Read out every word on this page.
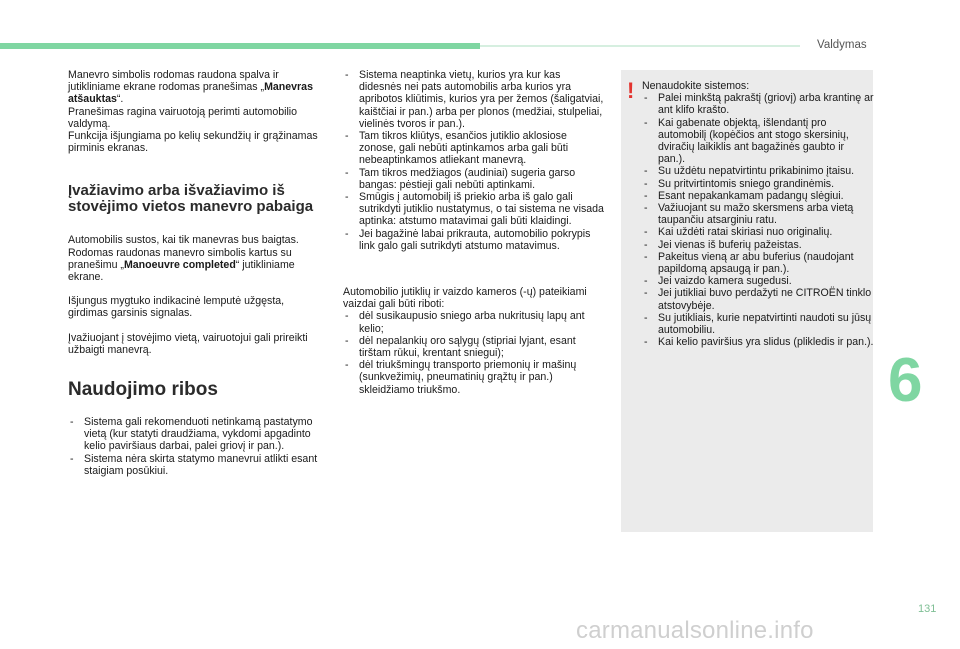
Valdymas

Manevro simbolis rodomas raudona spalva ir jutikliniame ekrane rodomas pranešimas „Manevras atšauktas“.

Pranešimas ragina vairuotoją perimti automobilio valdymą.

Funkcija išjungiama po kelių sekundžių ir grąžinamas pirminis ekranas.

Įvažiavimo arba išvažiavimo iš stovėjimo vietos manevro pabaiga

Automobilis sustos, kai tik manevras bus baigtas.

Rodomas raudonas manevro simbolis kartus su pranešimu „Manoeuvre completed“ jutikliniame ekrane.

Išjungus mygtuko indikacinė lemputė užgęsta, girdimas garsinis signalas.

Įvažiuojant į stovėjimo vietą, vairuotojui gali prireikti užbaigti manevrą.

Naudojimo ribos
- Sistema gali rekomenduoti netinkamą pastatymo vietą (kur statyti draudžiama, vykdomi apgadinto kelio paviršiaus darbai, palei griovį ir pan.).
- Sistema nėra skirta statymo manevrui atlikti esant staigiam posūkiui.
- Sistema neaptinka vietų, kurios yra kur kas didesnės nei pats automobilis arba kurios yra apribotos kliūtimis, kurios yra per žemos (šaligatviai, kaištčiai ir pan.) arba per plonos (medžiai, stulpeliai, vielinės tvoros ir pan.).
- Tam tikros kliūtys, esančios jutiklio aklosiose zonose, gali nebūti aptinkamos arba gali būti nebeaptinkamos atliekant manevrą.
- Tam tikros medžiagos (audiniai) sugeria garso bangas: pėstieji gali nebūti aptinkami.
- Smūgis į automobilį iš priekio arba iš galo gali sutrikdyti jutiklio nustatymus, o tai sistema ne visada aptinka: atstumo matavimai gali būti klaidingi.
- Jei bagažinė labai prikrauta, automobilio pokrypis link galo gali sutrikdyti atstumo matavimus.

Automobilio jutiklių ir vaizdo kameros (-ų) pateikiami vaizdai gali būti riboti:

- dėl susikaupusio sniego arba nukritusių lapų ant kelio;
- dėl nepalankių oro sąlygų (stipriai lyjant, esant tirštam rūkui, krentant sniegui);
- dėl triukšmingų transporto priemonių ir mašinų (sunkvežimių, pneumatinių grąžtų ir pan.) skleidžiamo triukšmo.
! Nenaudokite sistemos:

- Palei minkštą pakraštį (griovį) arba krantinę ar ant klifo krašto.
- Kai gabenate objektą, išlendantį pro automobilį (kopėčios ant stogo skersinių, dviračių laikiklis ant bagažinės gaubto ir pan.).
- Su uždėtu nepatvirtintu prikabinimo įtaisu.
- Su pritvirtintomis sniego grandinėmis.
- Esant nepakankamam padangų slėgiui.
- Važiuojant su mažo skersmens arba vietą taupančiu atsarginiu ratu.
- Kai uždėti ratai skiriasi nuo originalių.
- Jei vienas iš buferių pažeistas.
- Pakeitus vieną ar abu buferius (naudojant papildomą apsaugą ir pan.).
- Jei vaizdo kamera sugedusi.
- Jei jutikliai buvo perdažyti ne CITROËN tinklo atstovybėje.
- Su jutikliais, kurie nepatvirtinti naudoti su jūsų automobiliu.
- Kai kelio paviršius yra slidus (plikledis ir pan.).
6
131
carmanualsonline.info
